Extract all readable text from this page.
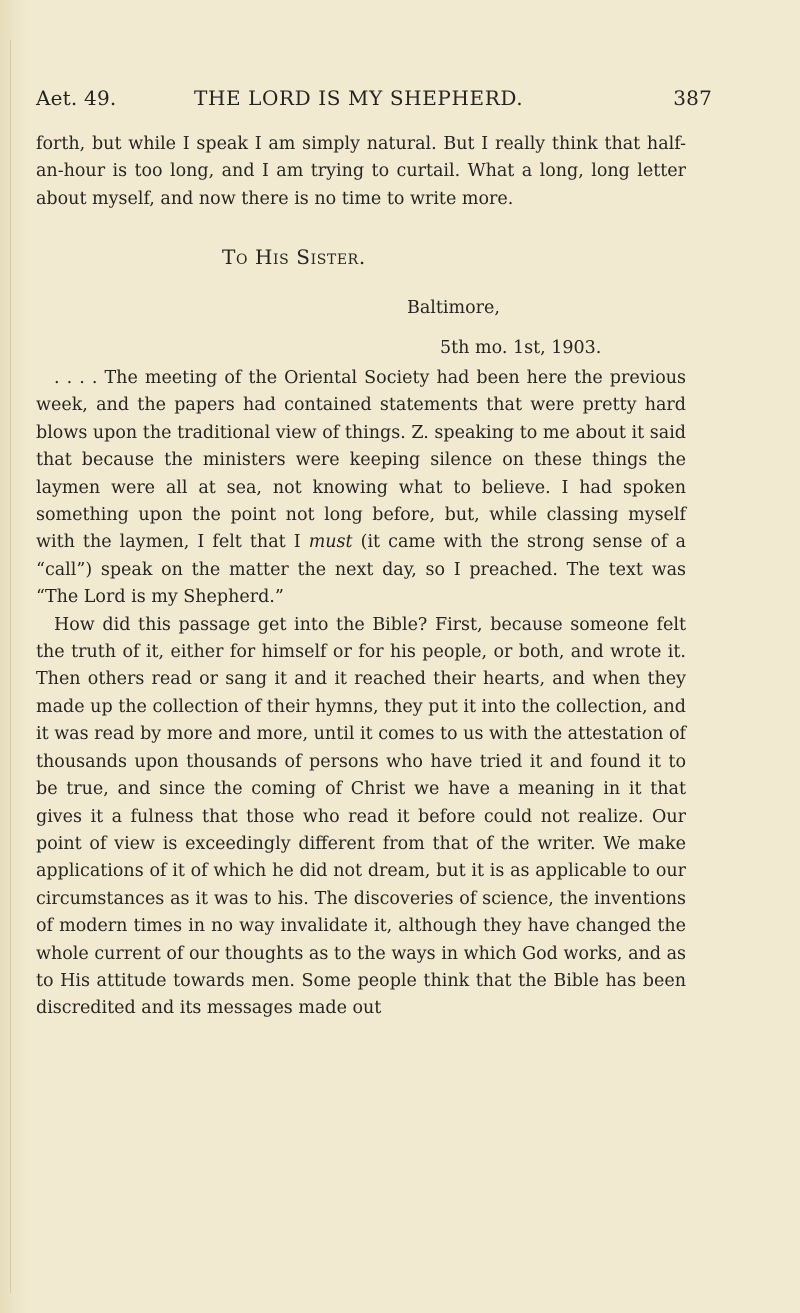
Aet. 49.	THE LORD IS MY SHEPHERD.	387

forth, but while I speak I am simply natural. But I really think that half-an-hour is too long, and I am trying to curtail. What a long, long letter about myself, and now there is no time to write more.

To His Sister.
Baltimore,
5th mo. 1st, 1903.

. . . . The meeting of the Oriental Society had been here the previous week, and the papers had contained statements that were pretty hard blows upon the traditional view of things. Z. speaking to me about it said that because the ministers were keeping silence on these things the laymen were all at sea, not knowing what to believe. I had spoken something upon the point not long before, but, while classing myself with the laymen, I felt that I must (it came with the strong sense of a “call”) speak on the matter the next day, so I preached. The text was “The Lord is my Shepherd.”

How did this passage get into the Bible? First, because someone felt the truth of it, either for himself or for his people, or both, and wrote it. Then others read or sang it and it reached their hearts, and when they made up the collection of their hymns, they put it into the collection, and it was read by more and more, until it comes to us with the attestation of thousands upon thousands of persons who have tried it and found it to be true, and since the coming of Christ we have a meaning in it that gives it a fulness that those who read it before could not realize. Our point of view is exceedingly different from that of the writer. We make applications of it of which he did not dream, but it is as applicable to our circumstances as it was to his. The discoveries of science, the inventions of modern times in no way invalidate it, although they have changed the whole current of our thoughts as to the ways in which God works, and as to His attitude towards men. Some people think that the Bible has been discredited and its messages made out
